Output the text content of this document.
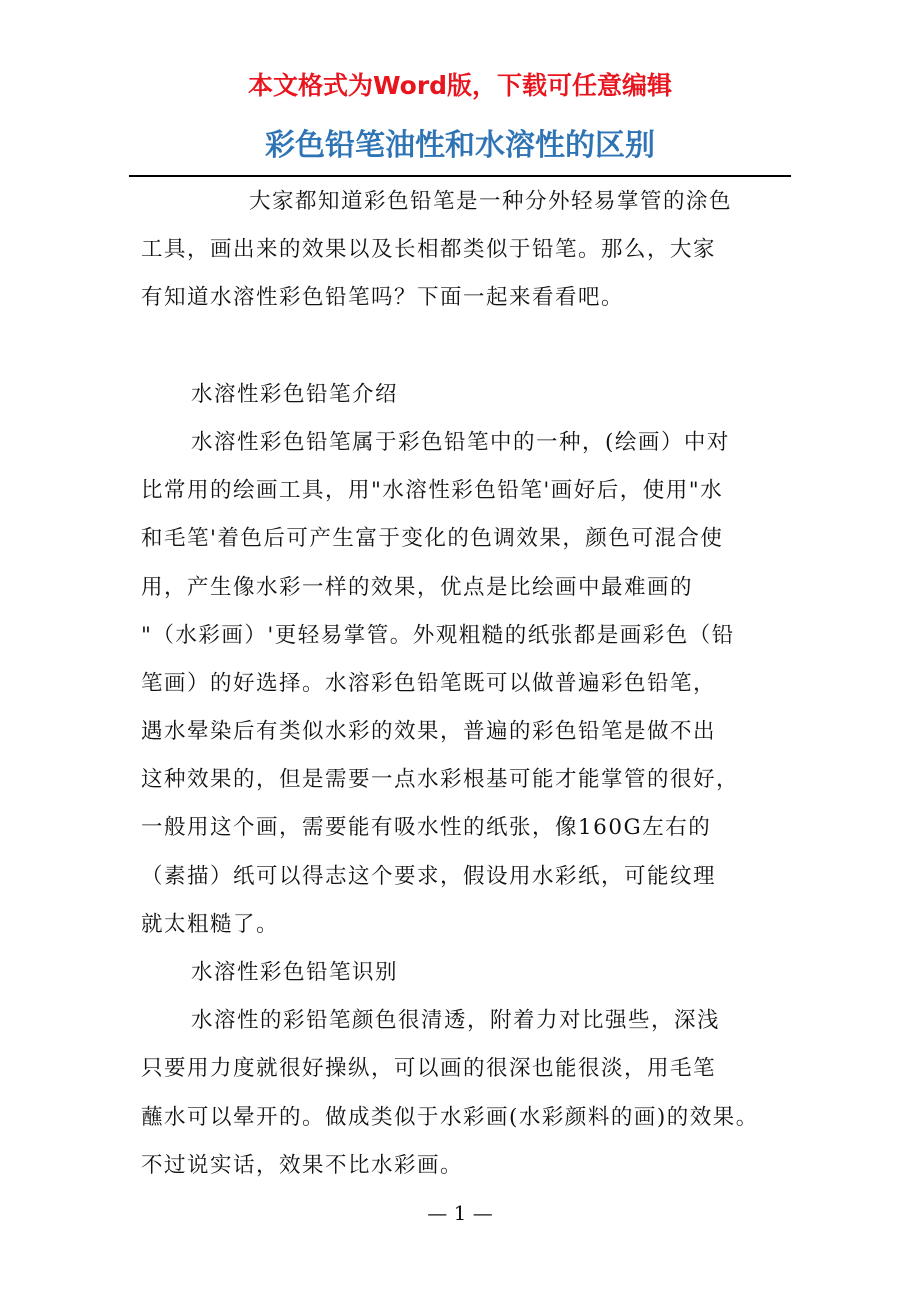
本文格式为Word版，下载可任意编辑
彩色铅笔油性和水溶性的区别
大家都知道彩色铅笔是一种分外轻易掌管的涂色
工具，画出来的效果以及长相都类似于铅笔。那么，大家
有知道水溶性彩色铅笔吗？下面一起来看看吧。
水溶性彩色铅笔介绍
水溶性彩色铅笔属于彩色铅笔中的一种，(绘画）中对
比常用的绘画工具，用"水溶性彩色铅笔'画好后，使用"水
和毛笔'着色后可产生富于变化的色调效果，颜色可混合使
用，产生像水彩一样的效果，优点是比绘画中最难画的
"（水彩画）'更轻易掌管。外观粗糙的纸张都是画彩色（铅
笔画）的好选择。水溶彩色铅笔既可以做普遍彩色铅笔，
遇水晕染后有类似水彩的效果，普遍的彩色铅笔是做不出
这种效果的，但是需要一点水彩根基可能才能掌管的很好，
一般用这个画，需要能有吸水性的纸张，像160G左右的
（素描）纸可以得志这个要求，假设用水彩纸，可能纹理
就太粗糙了。
水溶性彩色铅笔识别
水溶性的彩铅笔颜色很清透，附着力对比强些，深浅
只要用力度就很好操纵，可以画的很深也能很淡，用毛笔
蘸水可以晕开的。做成类似于水彩画(水彩颜料的画)的效果。
不过说实话，效果不比水彩画。
— 1 —
